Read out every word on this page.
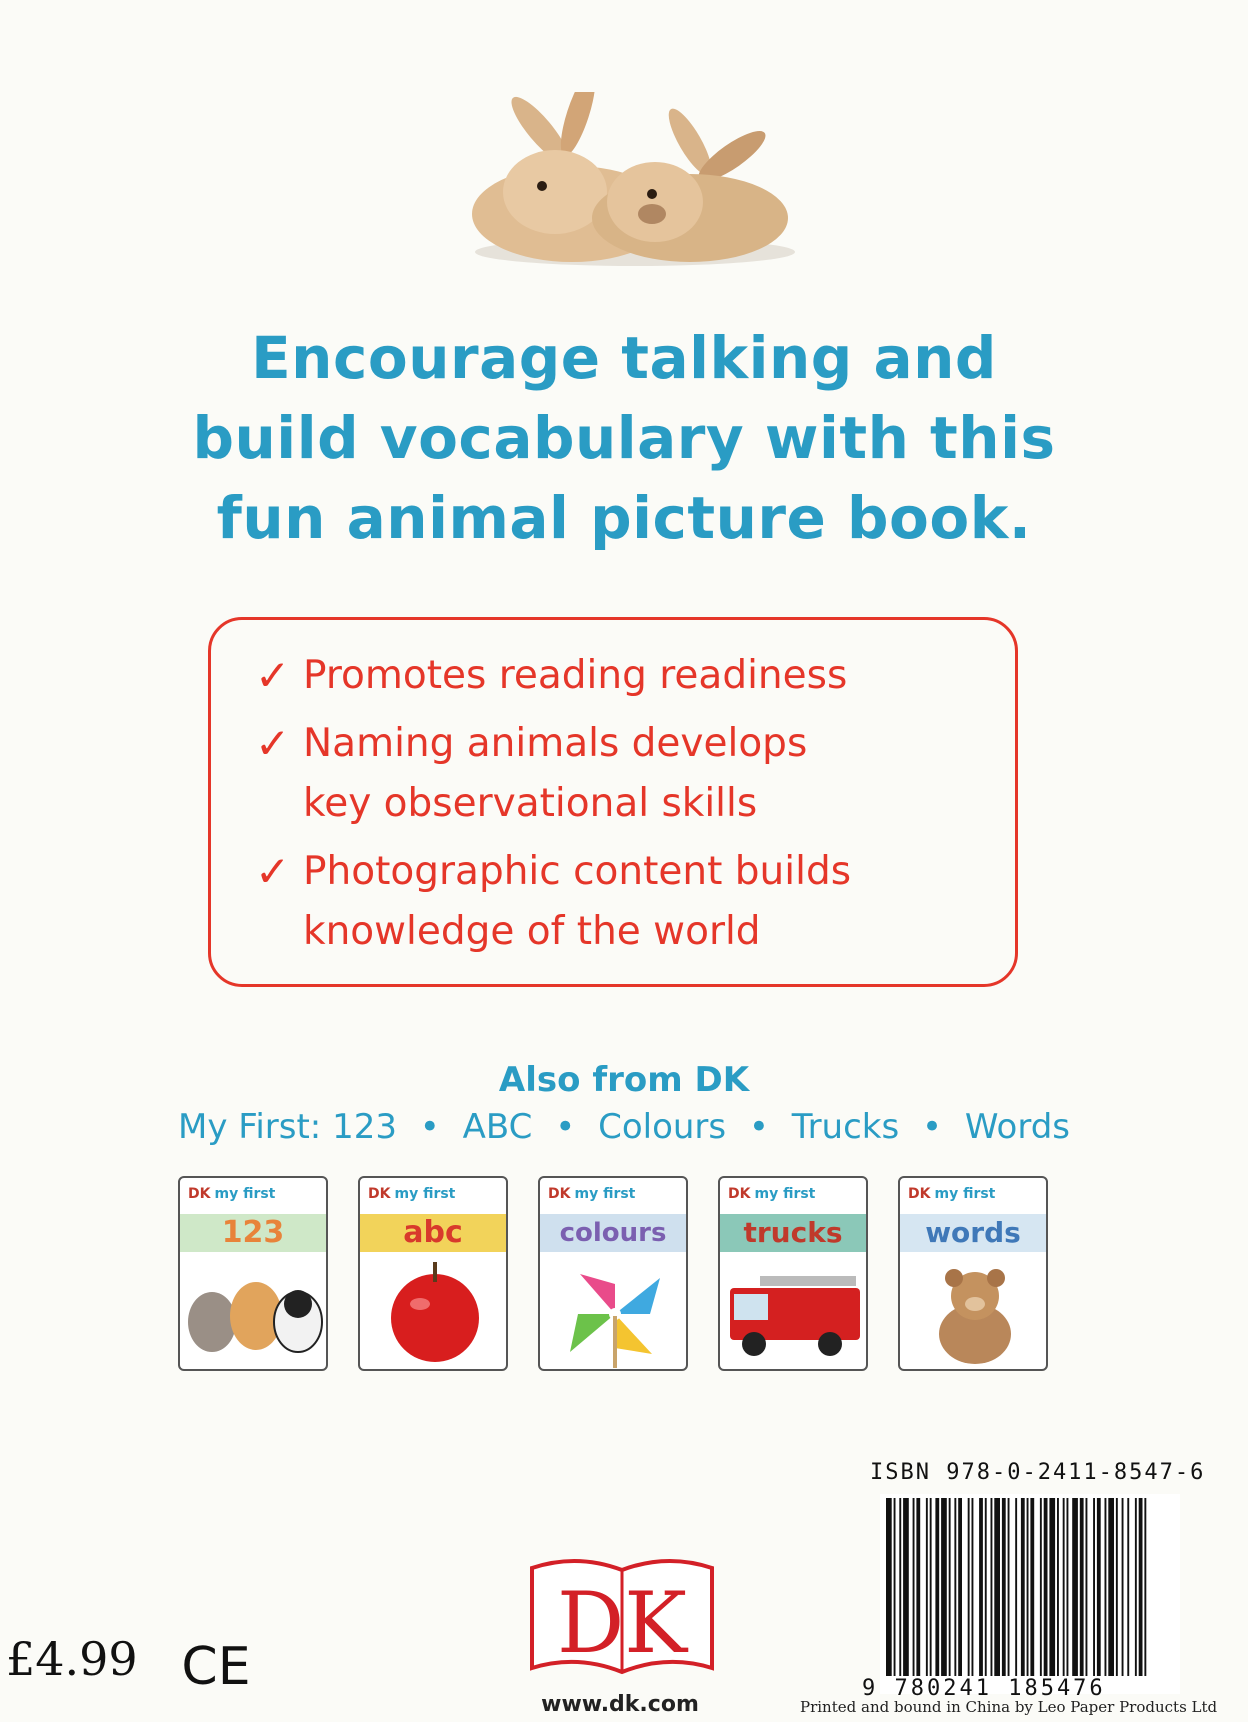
Encourage talking and
build vocabulary with this
fun animal picture book.
✓ Promotes reading readiness
✓ Naming animals develops
key observational skills
✓ Photographic content builds
knowledge of the world
Also from DK
My First: 123 • ABC • Colours • Trucks • Words
DK my first
123
DK my first
abc
DK my first
colours
DK my first
trucks
DK my first
words
ISBN 978-0-2411-8547-6
9 780241 185476
Printed and bound in China by Leo Paper Products Ltd
DK
www.dk.com
£4.99 CE
